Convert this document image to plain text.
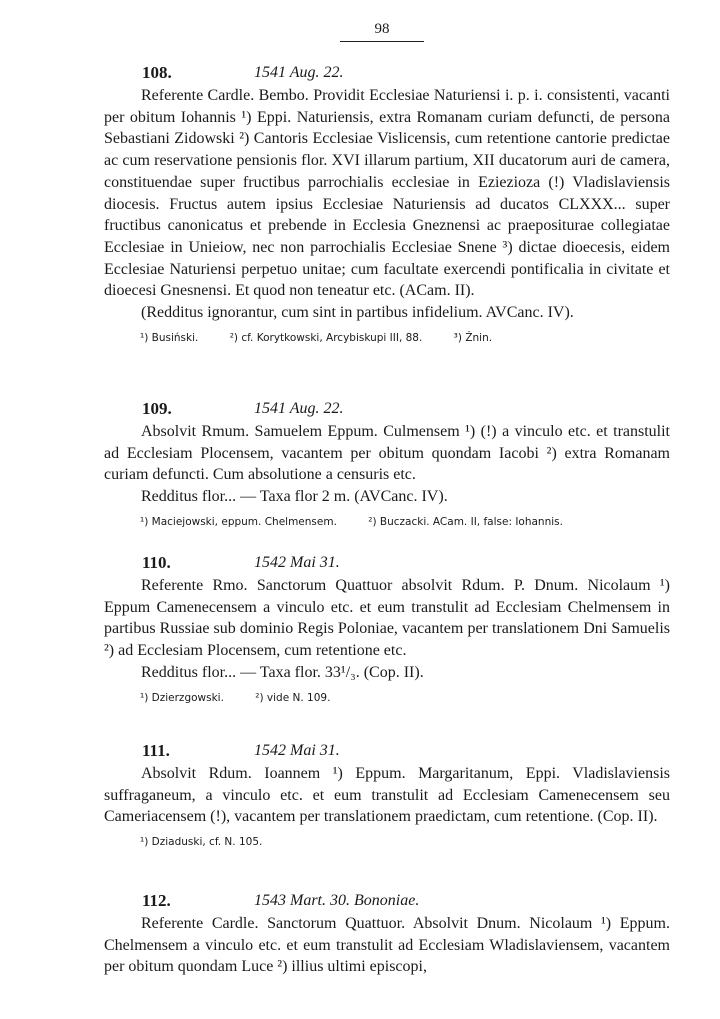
98
108.	1541 Aug. 22.

Referente Cardle. Bembo. Providit Ecclesiae Naturiensi i. p. i. consistenti, vacanti per obitum Iohannis ¹) Eppi. Naturiensis, extra Romanam curiam defuncti, de persona Sebastiani Zidowski ²) Cantoris Ecclesiae Vislicensis, cum retentione cantorie predictae ac cum reservatione pensionis flor. XVI illarum partium, XII ducatorum auri de camera, constituendae super fructibus parrochialis ecclesiae in Eziezioza (!) Vladislaviensis diocesis. Fructus autem ipsius Ecclesiae Naturiensis ad ducatos CLXXX... super fructibus canonicatus et prebende in Ecclesia Gneznensi ac praepositurae collegiatae Ecclesiae in Unieiow, nec non parrochialis Ecclesiae Snene ³) dictae dioecesis, eidem Ecclesiae Naturiensi perpetuo unitae; cum facultate exercendi pontificalia in civitate et dioecesi Gnesnensi. Et quod non teneatur etc. (ACam. II).

(Redditus ignorantur, cum sint in partibus infidelium. AVCanc. IV).

¹) Busiński.	²) cf. Korytkowski, Arcybiskupi III, 88.	³) Żnin.
109.	1541 Aug. 22.

Absolvit Rmum. Samuelem Eppum. Culmensem ¹) (!) a vinculo etc. et transtulit ad Ecclesiam Plocensem, vacantem per obitum quondam Iacobi ²) extra Romanam curiam defuncti. Cum absolutione a censuris etc.

Redditus flor... — Taxa flor 2 m. (AVCanc. IV).

¹) Maciejowski, eppum. Chelmensem.	²) Buczacki. ACam. II, false: Iohannis.
110.	1542 Mai 31.

Referente Rmo. Sanctorum Quattuor absolvit Rdum. P. Dnum. Nicolaum ¹) Eppum Camenecensem a vinculo etc. et eum transtulit ad Ecclesiam Chelmensem in partibus Russiae sub dominio Regis Poloniae, vacantem per translationem Dni Samuelis ²) ad Ecclesiam Plocensem, cum retentione etc.

Redditus flor... — Taxa flor. 33¹/₃. (Cop. II).

¹) Dzierzgowski.	²) vide N. 109.
111.	1542 Mai 31.

Absolvit Rdum. Ioannem ¹) Eppum. Margaritanum, Eppi. Vladislaviensis suffraganeum, a vinculo etc. et eum transtulit ad Ecclesiam Camenecensem seu Cameriacensem (!), vacantem per translationem praedictam, cum retentione. (Cop. II).

¹) Dziaduski, cf. N. 105.
112.	1543 Mart. 30. Bononiae.

Referente Cardle. Sanctorum Quattuor. Absolvit Dnum. Nicolaum ¹) Eppum. Chelmensem a vinculo etc. et eum transtulit ad Ecclesiam Wladislaviensem, vacantem per obitum quondam Luce ²) illius ultimi episcopi,
